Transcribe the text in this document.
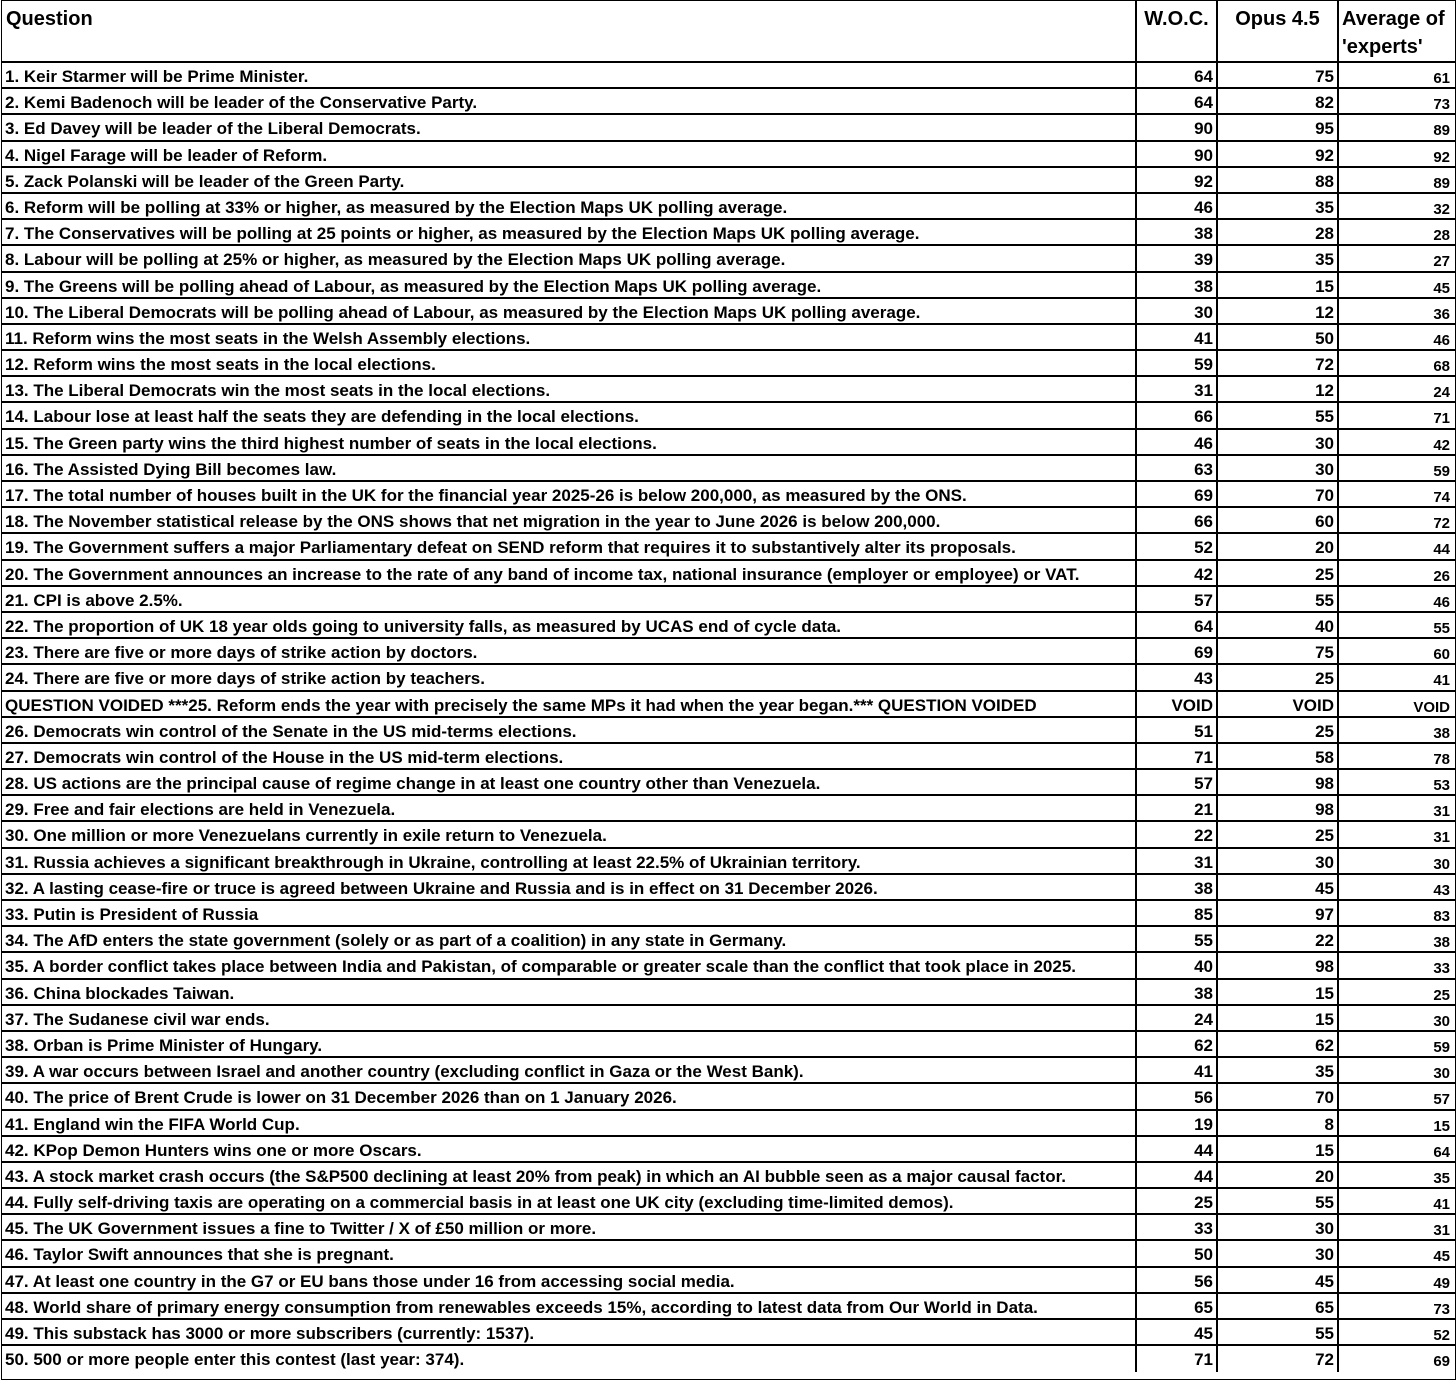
Question	W.O.C.	Opus 4.5	Average of 'experts'
1. Keir Starmer will be Prime Minister.	64	75	61
2. Kemi Badenoch will be leader of the Conservative Party.	64	82	73
3. Ed Davey will be leader of the Liberal Democrats.	90	95	89
4. Nigel Farage will be leader of Reform.	90	92	92
5. Zack Polanski will be leader of the Green Party.	92	88	89
6. Reform will be polling at 33% or higher, as measured by the Election Maps UK polling average.	46	35	32
7. The Conservatives will be polling at 25 points or higher, as measured by the Election Maps UK polling average.	38	28	28
8. Labour will be polling at 25% or higher, as measured by the Election Maps UK polling average.	39	35	27
9. The Greens will be polling ahead of Labour, as measured by the Election Maps UK polling average.	38	15	45
10. The Liberal Democrats will be polling ahead of Labour, as measured by the Election Maps UK polling average.	30	12	36
11. Reform wins the most seats in the Welsh Assembly elections.	41	50	46
12. Reform wins the most seats in the local elections.	59	72	68
13. The Liberal Democrats win the most seats in the local elections.	31	12	24
14. Labour lose at least half the seats they are defending in the local elections.	66	55	71
15. The Green party wins the third highest number of seats in the local elections.	46	30	42
16. The Assisted Dying Bill becomes law.	63	30	59
17. The total number of houses built in the UK for the financial year 2025-26 is below 200,000, as measured by the ONS.	69	70	74
18. The November statistical release by the ONS shows that net migration in the year to June 2026 is below 200,000.	66	60	72
19. The Government suffers a major Parliamentary defeat on SEND reform that requires it to substantively alter its proposals.	52	20	44
20. The Government announces an increase to the rate of any band of income tax, national insurance (employer or employee) or VAT.	42	25	26
21. CPI is above 2.5%.	57	55	46
22. The proportion of UK 18 year olds going to university falls, as measured by UCAS end of cycle data.	64	40	55
23. There are five or more days of strike action by doctors.	69	75	60
24. There are five or more days of strike action by teachers.	43	25	41
QUESTION VOIDED ***25. Reform ends the year with precisely the same MPs it had when the year began.*** QUESTION VOIDED	VOID	VOID	VOID
26. Democrats win control of the Senate in the US mid-terms elections.	51	25	38
27. Democrats win control of the House in the US mid-term elections.	71	58	78
28. US actions are the principal cause of regime change in at least one country other than Venezuela.	57	98	53
29. Free and fair elections are held in Venezuela.	21	98	31
30. One million or more Venezuelans currently in exile return to Venezuela.	22	25	31
31. Russia achieves a significant breakthrough in Ukraine, controlling at least 22.5% of Ukrainian territory.	31	30	30
32. A lasting cease-fire or truce is agreed between Ukraine and Russia and is in effect on 31 December 2026.	38	45	43
33. Putin is President of Russia	85	97	83
34. The AfD enters the state government (solely or as part of a coalition) in any state in Germany.	55	22	38
35. A border conflict takes place between India and Pakistan, of comparable or greater scale than the conflict that took place in 2025.	40	98	33
36. China blockades Taiwan.	38	15	25
37. The Sudanese civil war ends.	24	15	30
38. Orban is Prime Minister of Hungary.	62	62	59
39. A war occurs between Israel and another country (excluding conflict in Gaza or the West Bank).	41	35	30
40. The price of Brent Crude is lower on 31 December 2026 than on 1 January 2026.	56	70	57
41. England win the FIFA World Cup.	19	8	15
42. KPop Demon Hunters wins one or more Oscars.	44	15	64
43. A stock market crash occurs (the S&P500 declining at least 20% from peak) in which an AI bubble seen as a major causal factor.	44	20	35
44. Fully self-driving taxis are operating on a commercial basis in at least one UK city (excluding time-limited demos).	25	55	41
45. The UK Government issues a fine to Twitter / X of £50 million or more.	33	30	31
46. Taylor Swift announces that she is pregnant.	50	30	45
47. At least one country in the G7 or EU bans those under 16 from accessing social media.	56	45	49
48. World share of primary energy consumption from renewables exceeds 15%, according to latest data from Our World in Data.	65	65	73
49. This substack has 3000 or more subscribers (currently: 1537).	45	55	52
50. 500 or more people enter this contest (last year: 374).	71	72	69
